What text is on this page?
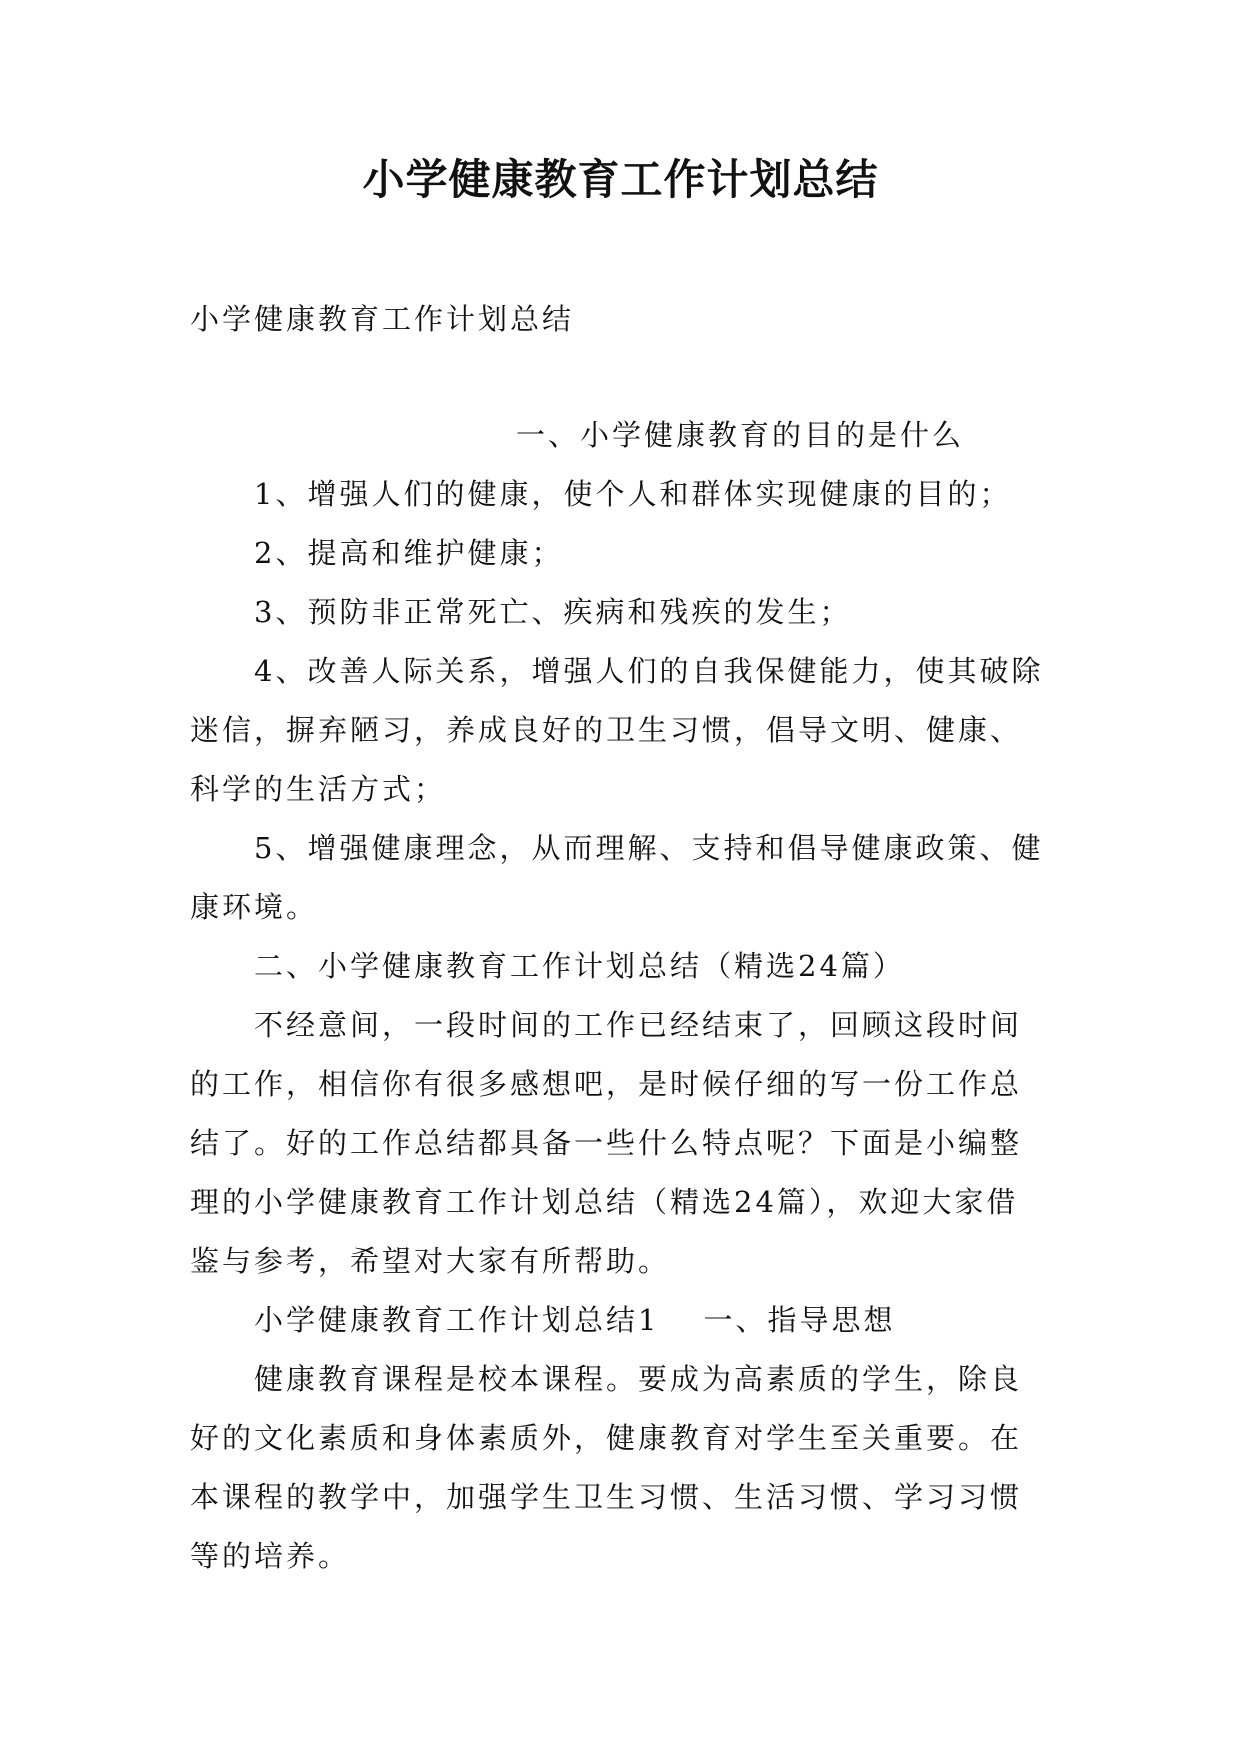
小学健康教育工作计划总结

小学健康教育工作计划总结

一、小学健康教育的目的是什么

1、增强人们的健康，使个人和群体实现健康的目的；

2、提高和维护健康；

3、预防非正常死亡、疾病和残疾的发生；

4、改善人际关系，增强人们的自我保健能力，使其破除迷信，摒弃陋习，养成良好的卫生习惯，倡导文明、健康、科学的生活方式；

5、增强健康理念，从而理解、支持和倡导健康政策、健康环境。

二、小学健康教育工作计划总结（精选24篇）

不经意间，一段时间的工作已经结束了，回顾这段时间的工作，相信你有很多感想吧，是时候仔细的写一份工作总结了。好的工作总结都具备一些什么特点呢？下面是小编整理的小学健康教育工作计划总结（精选24篇），欢迎大家借鉴与参考，希望对大家有所帮助。

小学健康教育工作计划总结1 一、指导思想

健康教育课程是校本课程。要成为高素质的学生，除良好的文化素质和身体素质外，健康教育对学生至关重要。在本课程的教学中，加强学生卫生习惯、生活习惯、学习习惯等的培养。
